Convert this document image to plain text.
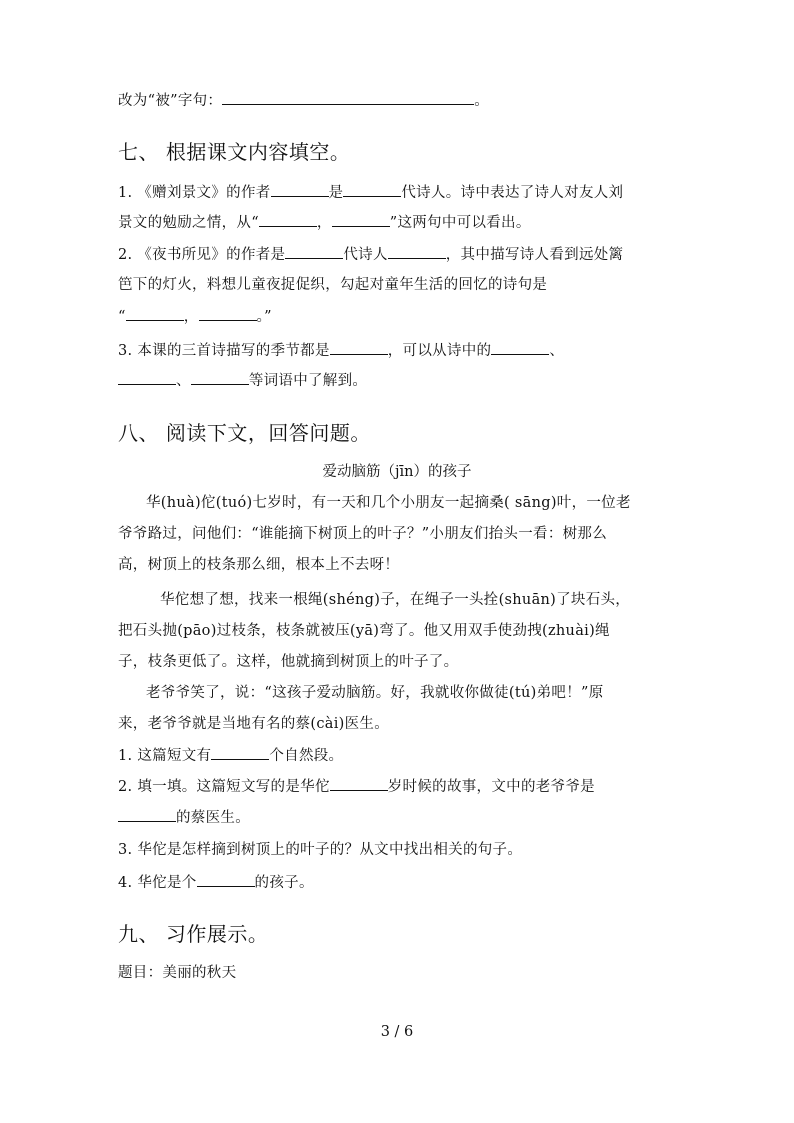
改为“被”字句：	。
七、 根据课文内容填空。
1. 《赠刘景文》的作者	是	代诗人。诗中表达了诗人对友人刘
景文的勉励之情，从“	，	”这两句中可以看出。
2. 《夜书所见》的作者是	代诗人	，其中描写诗人看到远处篱
笆下的灯火，料想儿童夜捉促织，勾起对童年生活的回忆的诗句是
“	，	。”
3. 本课的三首诗描写的季节都是	，可以从诗中的	、
、	等词语中了解到。
八、 阅读下文，回答问题。
爱动脑筋（jīn）的孩子
华(huà)佗(tuó)七岁时，有一天和几个小朋友一起摘桑( sāng)叶，一位老
爷爷路过，问他们：“谁能摘下树顶上的叶子？”小朋友们抬头一看：树那么
高，树顶上的枝条那么细，根本上不去呀！
华佗想了想，找来一根绳(shéng)子，在绳子一头拴(shuān)了块石头，
把石头抛(pāo)过枝条，枝条就被压(yā)弯了。他又用双手使劲拽(zhuài)绳
子，枝条更低了。这样，他就摘到树顶上的叶子了。
老爷爷笑了，说：“这孩子爱动脑筋。好，我就收你做徒(tú)弟吧！”原
来，老爷爷就是当地有名的蔡(cài)医生。
1. 这篇短文有	个自然段。
2. 填一填。这篇短文写的是华佗	岁时候的故事，文中的老爷爷是
的蔡医生。
3. 华佗是怎样摘到树顶上的叶子的？从文中找出相关的句子。
4. 华佗是个	的孩子。
九、 习作展示。
题目：美丽的秋天
3 / 6
